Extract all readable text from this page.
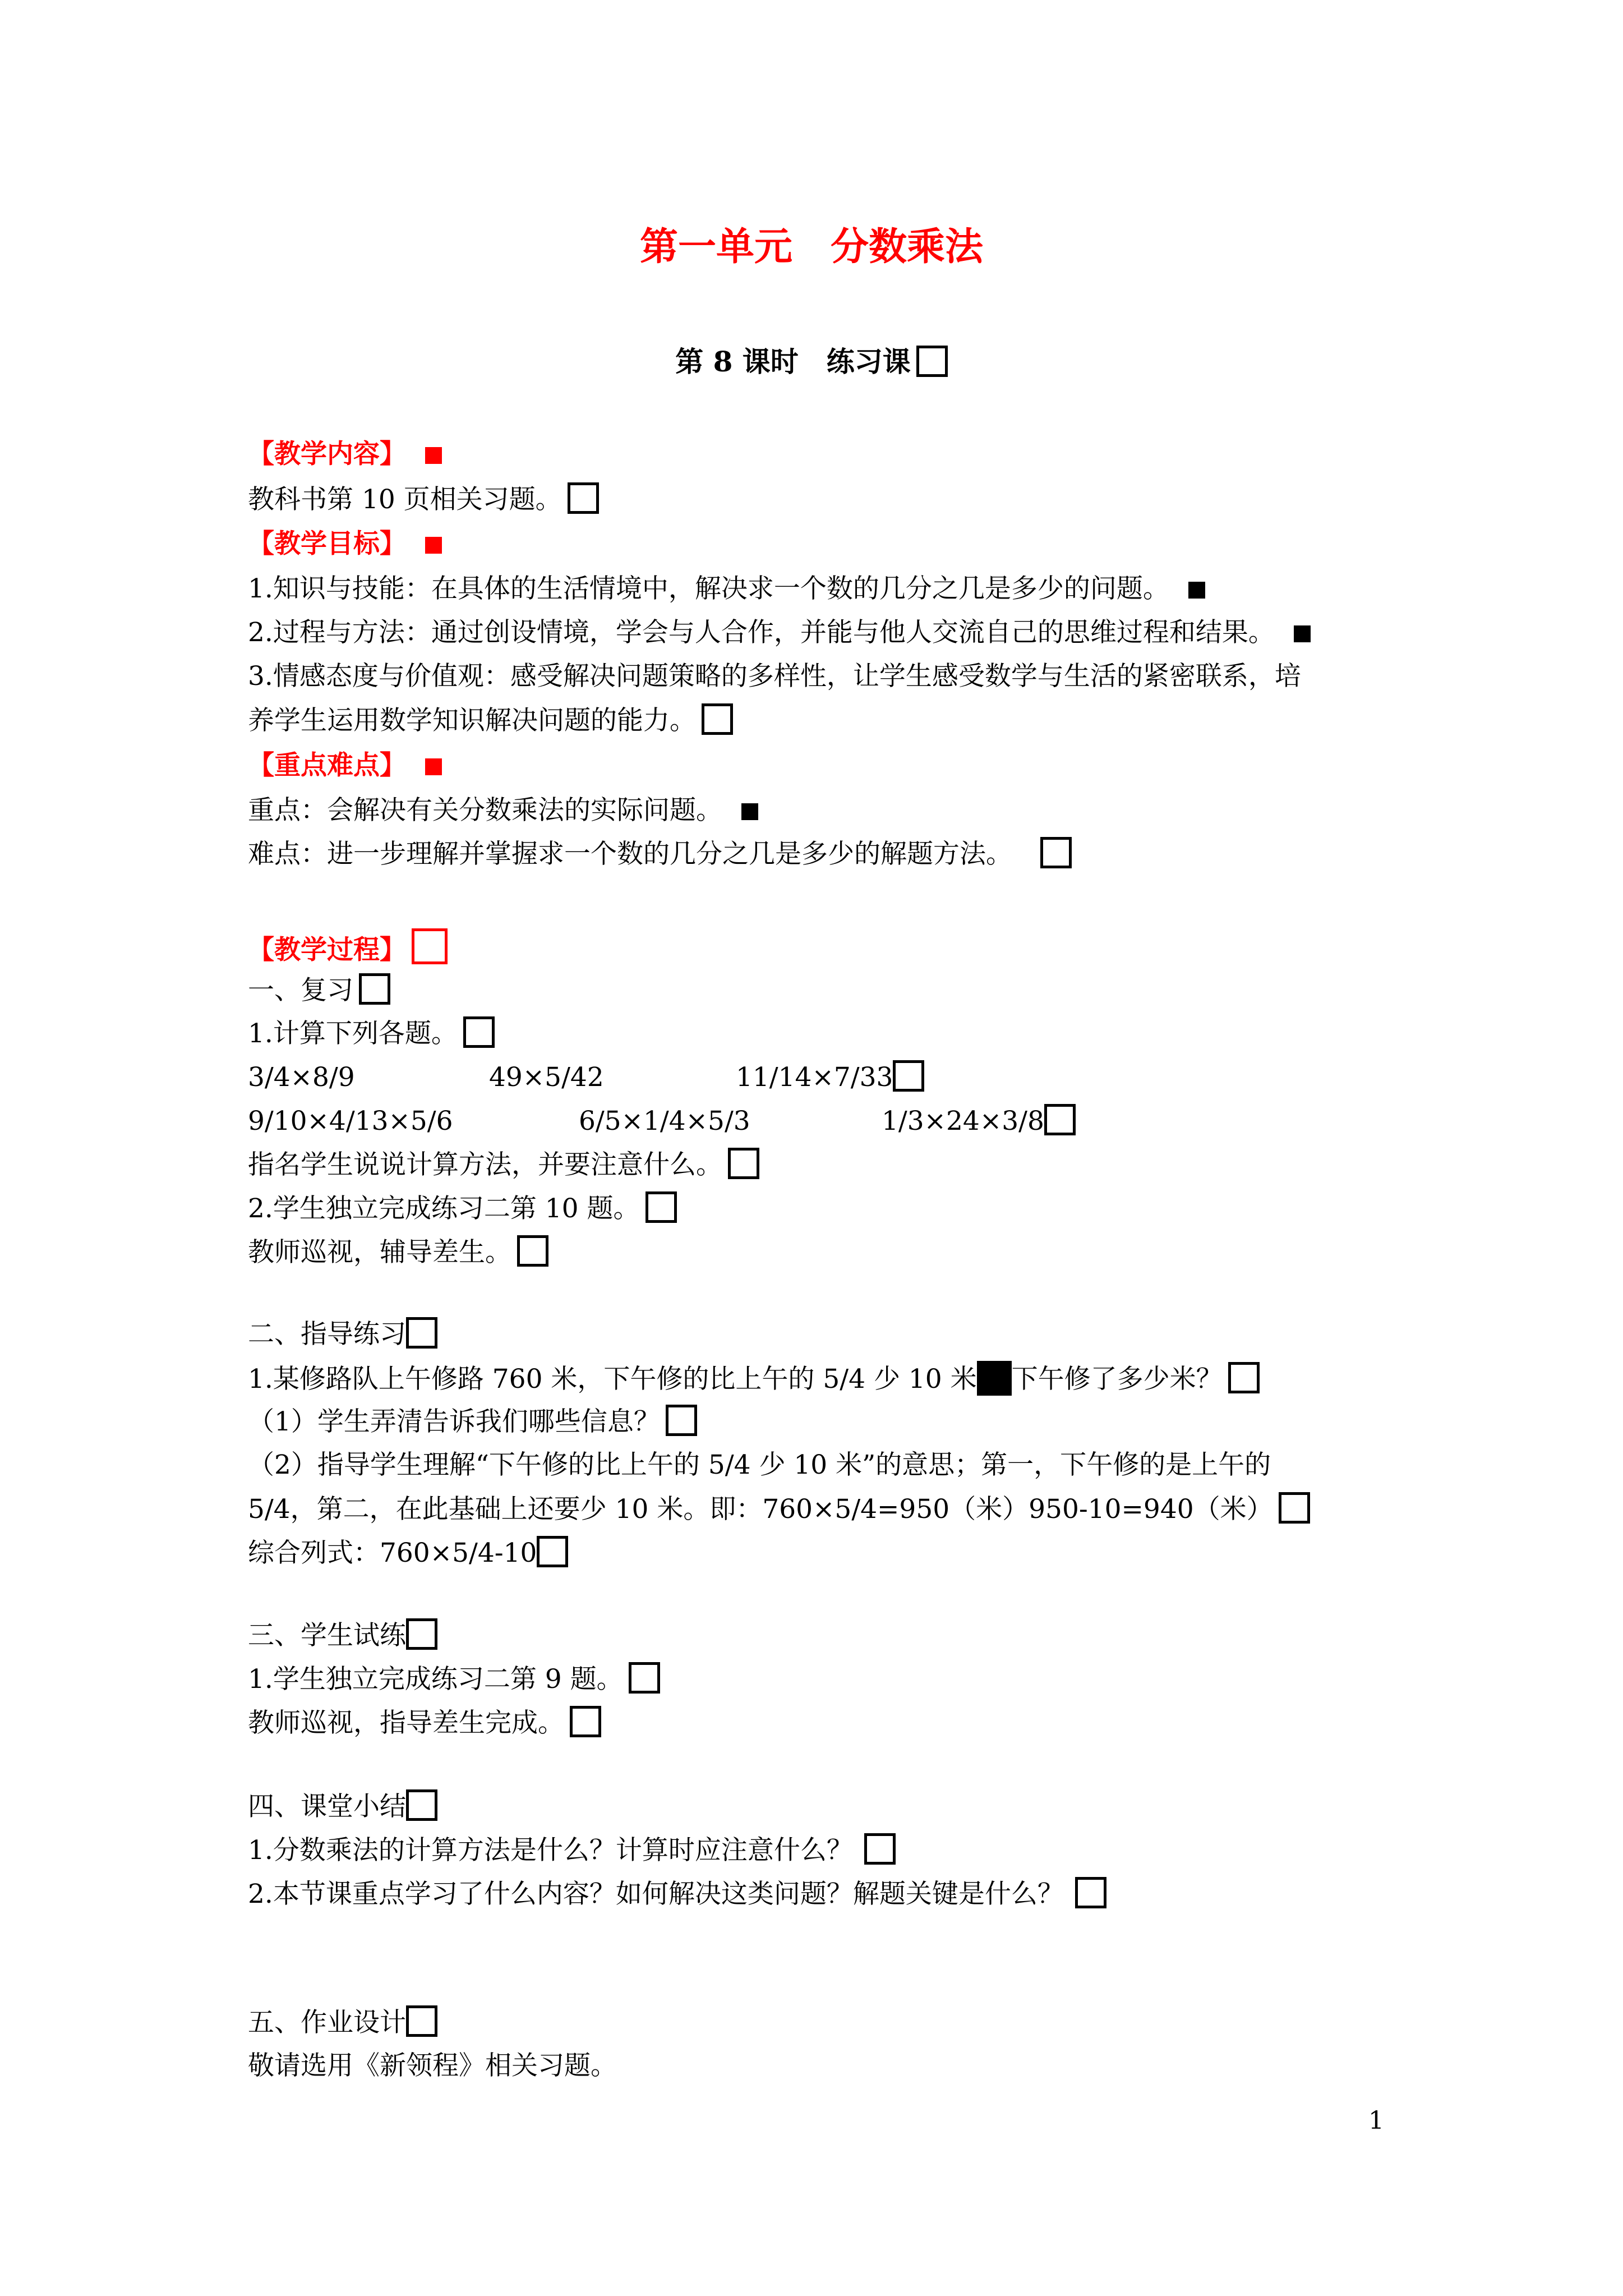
第一单元　分数乘法
第 8 课时　练习课
【教学内容】
教科书第 10 页相关习题。
【教学目标】
1.知识与技能：在具体的生活情境中，解决求一个数的几分之几是多少的问题。
2.过程与方法：通过创设情境，学会与人合作，并能与他人交流自己的思维过程和结果。
3.情感态度与价值观：感受解决问题策略的多样性，让学生感受数学与生活的紧密联系，培
养学生运用数学知识解决问题的能力。
【重点难点】
重点：会解决有关分数乘法的实际问题。
难点：进一步理解并掌握求一个数的几分之几是多少的解题方法。
【教学过程】
一、复习
1.计算下列各题。
3/4×8/9	49×5/42	11/14×7/33
9/10×4/13×5/6	6/5×1/4×5/3	1/3×24×3/8
指名学生说说计算方法，并要注意什么。
2.学生独立完成练习二第 10 题。
教师巡视，辅导差生。
二、指导练习
1.某修路队上午修路 760 米，下午修的比上午的 5/4 少 10 米 下午修了多少米？
（1）学生弄清告诉我们哪些信息？
（2）指导学生理解“下午修的比上午的 5/4 少 10 米”的意思；第一，下午修的是上午的
5/4，第二，在此基础上还要少 10 米。即：760×5/4=950（米）950-10=940（米）
综合列式：760×5/4-10
三、学生试练
1.学生独立完成练习二第 9 题。
教师巡视，指导差生完成。
四、课堂小结
1.分数乘法的计算方法是什么？计算时应注意什么？
2.本节课重点学习了什么内容？如何解决这类问题？解题关键是什么？
五、作业设计
敬请选用《新领程》相关习题。
1
